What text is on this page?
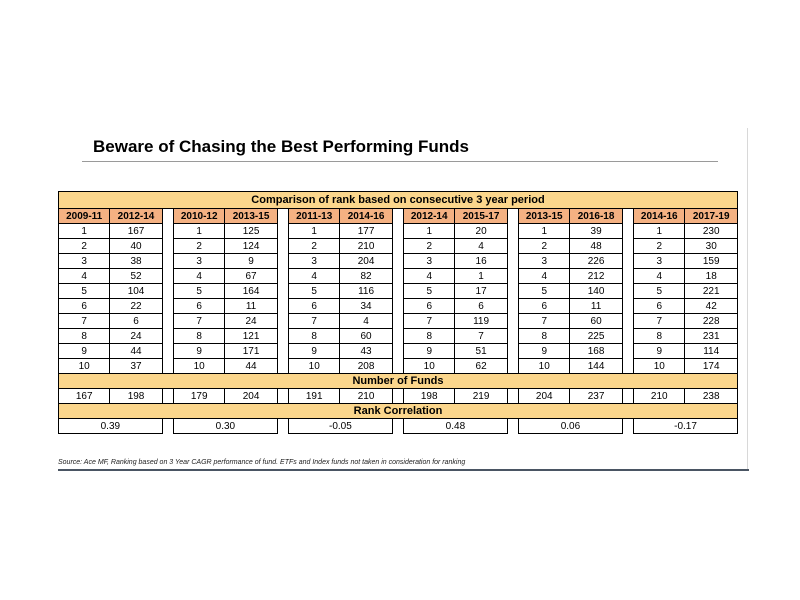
Beware of Chasing the Best Performing Funds
Comparison of rank based on consecutive 3 year period																
2009-11	2012-14		2010-12	2013-15		2011-13	2014-16		2012-14	2015-17		2013-15	2016-18		2014-16	2017-19
1	167		1	125		1	177		1	20		1	39		1	230
2	40		2	124		2	210		2	4		2	48		2	30
3	38		3	9		3	204		3	16		3	226		3	159
4	52		4	67		4	82		4	1		4	212		4	18
5	104		5	164		5	116		5	17		5	140		5	221
6	22		6	11		6	34		6	6		6	11		6	42
7	6		7	24		7	4		7	119		7	60		7	228
8	24		8	121		8	60		8	7		8	225		8	231
9	44		9	171		9	43		9	51		9	168		9	114
10	37		10	44		10	208		10	62		10	144		10	174
Number of Funds																
167	198		179	204		191	210		198	219		204	237		210	238
Rank Correlation																
0.39			0.30			-0.05			0.48			0.06			-0.17	
Source: Ace MF, Ranking based on 3 Year CAGR performance of fund. ETFs and Index funds not taken in consideration for ranking
